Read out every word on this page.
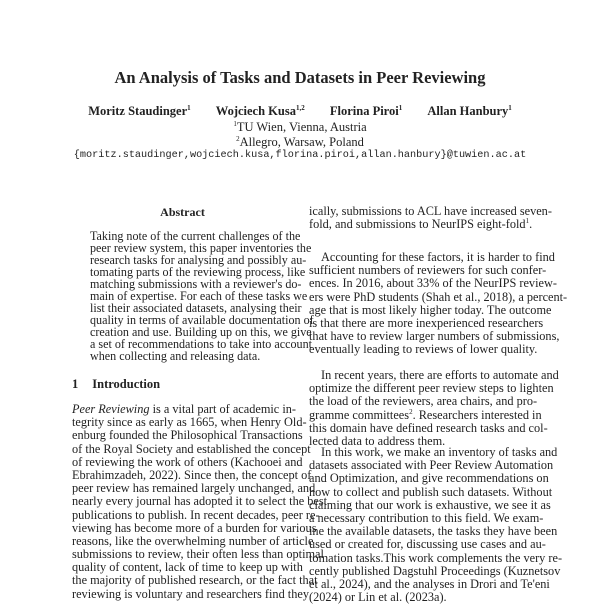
An Analysis of Tasks and Datasets in Peer Reviewing
Moritz Staudinger$^1$ Wojciech Kusa$^{1,2}$ Florina Piroi$^1$ Allan Hanbury$^1$
$^1$TU Wien, Vienna, Austria
$^2$Allegro, Warsaw, Poland
{moritz.staudinger,wojciech.kusa,florina.piroi,allan.hanbury}@tuwien.ac.at
Abstract
Taking note of the current challenges of the
peer review system, this paper inventories the
research tasks for analysing and possibly au-
tomating parts of the reviewing process, like
matching submissions with a reviewer's do-
main of expertise. For each of these tasks we
list their associated datasets, analysing their
quality in terms of available documentation of
creation and use. Building up on this, we give
a set of recommendations to take into account
when collecting and releasing data.
1 Introduction
Peer Reviewing is a vital part of academic in-
tegrity since as early as 1665, when Henry Old-
enburg founded the Philosophical Transactions
of the Royal Society and established the concept
of reviewing the work of others (Kachooei and
Ebrahimzadeh, 2022). Since then, the concept of
peer review has remained largely unchanged, and
nearly every journal has adopted it to select the best
publications to publish. In recent decades, peer re-
viewing has become more of a burden for various
reasons, like the overwhelming number of article
submissions to review, their often less than optimal
quality of content, lack of time to keep up with
the majority of published research, or the fact that
reviewing is voluntary and researchers find they
ically, submissions to ACL have increased seven-
fold, and submissions to NeurIPS eight-fold$^1$.
Accounting for these factors, it is harder to find
sufficient numbers of reviewers for such confer-
ences. In 2016, about 33% of the NeurIPS review-
ers were PhD students (Shah et al., 2018), a percent-
age that is most likely higher today. The outcome
is that there are more inexperienced researchers
that have to review larger numbers of submissions,
eventually leading to reviews of lower quality.
In recent years, there are efforts to automate and
optimize the different peer review steps to lighten
the load of the reviewers, area chairs, and pro-
gramme committees$^2$. Researchers interested in
this domain have defined research tasks and col-
lected data to address them.
In this work, we make an inventory of tasks and
datasets associated with Peer Review Automation
and Optimization, and give recommendations on
how to collect and publish such datasets. Without
claiming that our work is exhaustive, we see it as
a necessary contribution to this field. We exam-
ine the available datasets, the tasks they have been
used or created for, discussing use cases and au-
tomation tasks.This work complements the very re-
cently published Dagstuhl Proceedings (Kuznetsov
et al., 2024), and the analyses in Drori and Te'eni
(2024) or Lin et al. (2023a).
